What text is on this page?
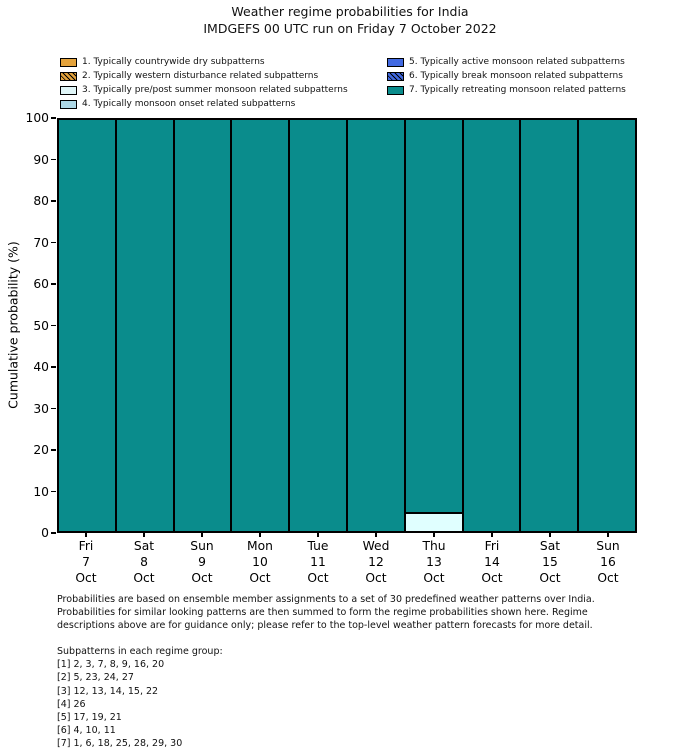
Weather regime probabilities for India
IMDGEFS 00 UTC run on Friday 7 October 2022
1. Typically countrywide dry subpatterns
2. Typically western disturbance related subpatterns
3. Typically pre/post summer monsoon related subpatterns
4. Typically monsoon onset related subpatterns
5. Typically active monsoon related subpatterns
6. Typically break monsoon related subpatterns
7. Typically retreating monsoon related patterns
Cumulative probability (%)
0
10
20
30
40
50
60
70
80
90
100
Fri
7
Oct
Sat
8
Oct
Sun
9
Oct
Mon
10
Oct
Tue
11
Oct
Wed
12
Oct
Thu
13
Oct
Fri
14
Oct
Sat
15
Oct
Sun
16
Oct
Probabilities are based on ensemble member assignments to a set of 30 predefined weather patterns over India.
Probabilities for similar looking patterns are then summed to form the regime probabilities shown here. Regime
descriptions above are for guidance only; please refer to the top-level weather pattern forecasts for more detail.
Subpatterns in each regime group:
[1] 2, 3, 7, 8, 9, 16, 20
[2] 5, 23, 24, 27
[3] 12, 13, 14, 15, 22
[4] 26
[5] 17, 19, 21
[6] 4, 10, 11
[7] 1, 6, 18, 25, 28, 29, 30
